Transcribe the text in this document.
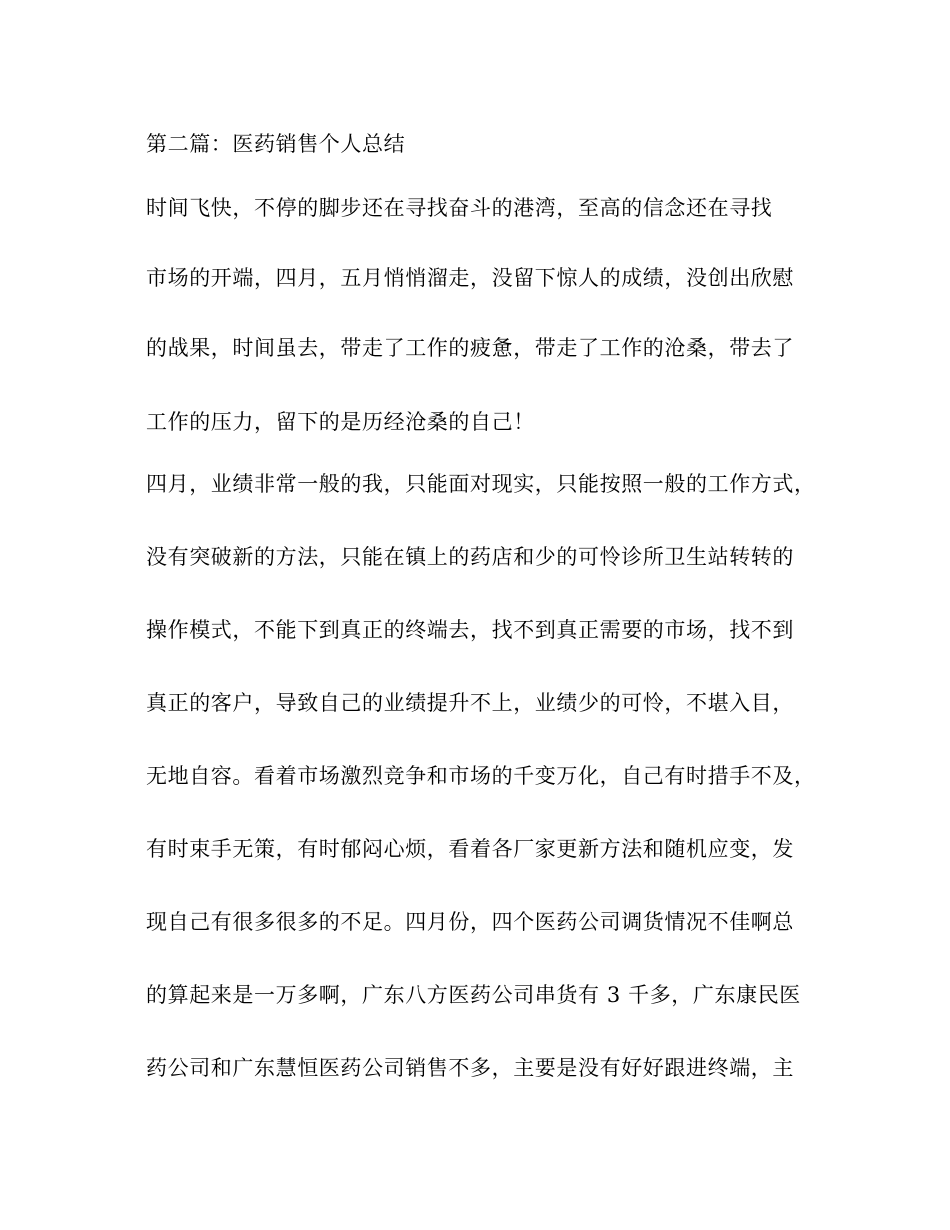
第二篇：医药销售个人总结
时间飞快，不停的脚步还在寻找奋斗的港湾，至高的信念还在寻找
市场的开端，四月，五月悄悄溜走，没留下惊人的成绩，没创出欣慰
的战果，时间虽去，带走了工作的疲惫，带走了工作的沧桑，带去了
工作的压力，留下的是历经沧桑的自己！
四月，业绩非常一般的我，只能面对现实，只能按照一般的工作方式，
没有突破新的方法，只能在镇上的药店和少的可怜诊所卫生站转转的
操作模式，不能下到真正的终端去，找不到真正需要的市场，找不到
真正的客户，导致自己的业绩提升不上，业绩少的可怜，不堪入目，
无地自容。看着市场激烈竞争和市场的千变万化，自己有时措手不及，
有时束手无策，有时郁闷心烦，看着各厂家更新方法和随机应变，发
现自己有很多很多的不足。四月份，四个医药公司调货情况不佳啊总
的算起来是一万多啊，广东八方医药公司串货有 3 千多，广东康民医
药公司和广东慧恒医药公司销售不多，主要是没有好好跟进终端，主
